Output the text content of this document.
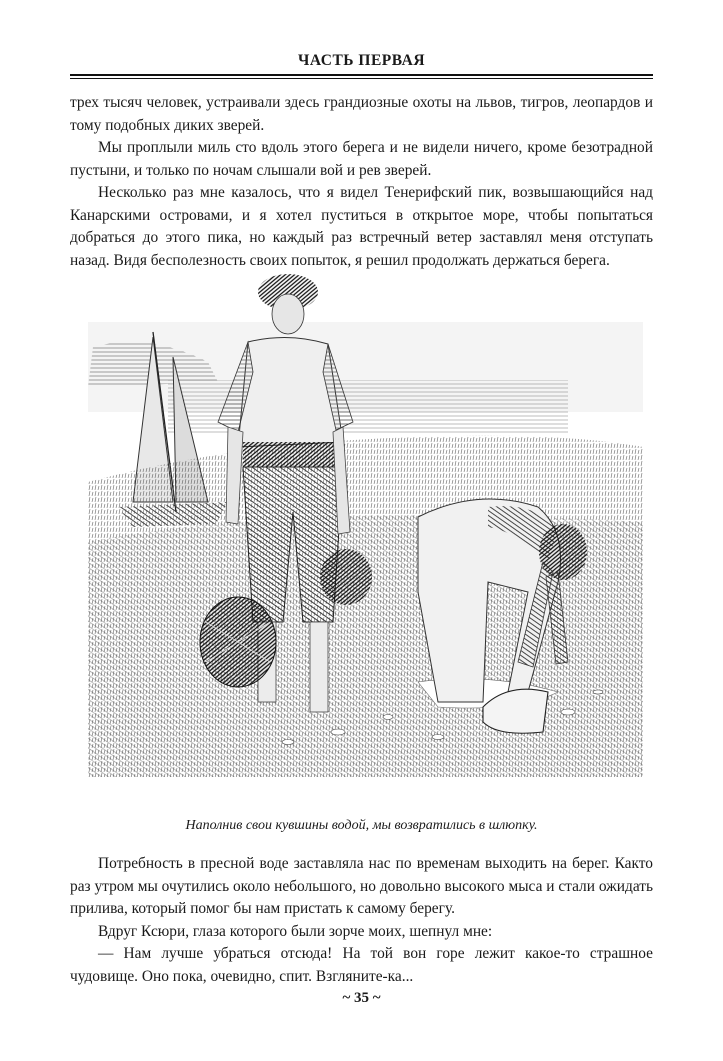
ЧАСТЬ ПЕРВАЯ

трех тысяч человек, устраивали здесь грандиозные охоты на львов, тигров, леопардов и тому подобных диких зверей.

Мы проплыли миль сто вдоль этого берега и не видели ничего, кроме безотрадной пустыни, и только по ночам слышали вой и рев зверей.

Несколько раз мне казалось, что я видел Тенерифский пик, возвышающийся над Канарскими островами, и я хотел пуститься в открытое море, чтобы попытаться добраться до этого пика, но каждый раз встречный ветер заставлял меня отступать назад. Видя бесполезность своих попыток, я решил продолжать держаться берега.

Наполнив свои кувшины водой, мы возвратились в шлюпку.

Потребность в пресной воде заставляла нас по временам выходить на берег. Както раз утром мы очутились около небольшого, но довольно высокого мыса и стали ожидать прилива, который помог бы нам пристать к самому берегу.

Вдруг Ксюри, глаза которого были зорче моих, шепнул мне:

— Нам лучше убраться отсюда! На той вон горе лежит какое-то страшное чудовище. Оно пока, очевидно, спит. Взгляните-ка...

~ 35 ~
